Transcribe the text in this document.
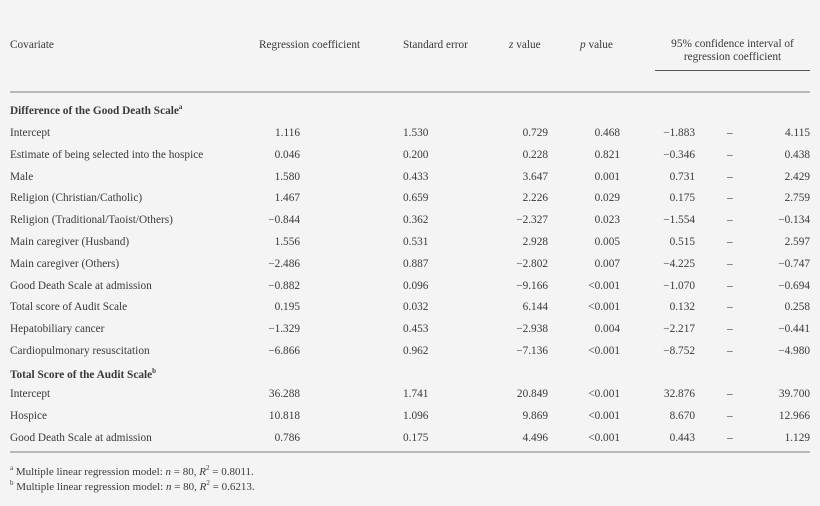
Covariate	Regression coefficient	Standard error	z value	p value	95% confidence interval of
regression coefficient
Difference of the Good Death Scale$^a$
Intercept	1.116	1.530	0.729	0.468	−1.883	–	4.115
Estimate of being selected into the hospice	0.046	0.200	0.228	0.821	−0.346	–	0.438
Male	1.580	0.433	3.647	0.001	0.731	–	2.429
Religion (Christian/Catholic)	1.467	0.659	2.226	0.029	0.175	–	2.759
Religion (Traditional/Taoist/Others)	−0.844	0.362	−2.327	0.023	−1.554	–	−0.134
Main caregiver (Husband)	1.556	0.531	2.928	0.005	0.515	–	2.597
Main caregiver (Others)	−2.486	0.887	−2.802	0.007	−4.225	–	−0.747
Good Death Scale at admission	−0.882	0.096	−9.166	<0.001	−1.070	–	−0.694
Total score of Audit Scale	0.195	0.032	6.144	<0.001	0.132	–	0.258
Hepatobiliary cancer	−1.329	0.453	−2.938	0.004	−2.217	–	−0.441
Cardiopulmonary resuscitation	−6.866	0.962	−7.136	<0.001	−8.752	–	−4.980
Total Score of the Audit Scale$^b$
Intercept	36.288	1.741	20.849	<0.001	32.876	–	39.700
Hospice	10.818	1.096	9.869	<0.001	8.670	–	12.966
Good Death Scale at admission	0.786	0.175	4.496	<0.001	0.443	–	1.129
$^a$ Multiple linear regression model: n = 80, $R^2 = 0.8011$.
$^b$ Multiple linear regression model: n = 80, $R^2 = 0.6213$.
